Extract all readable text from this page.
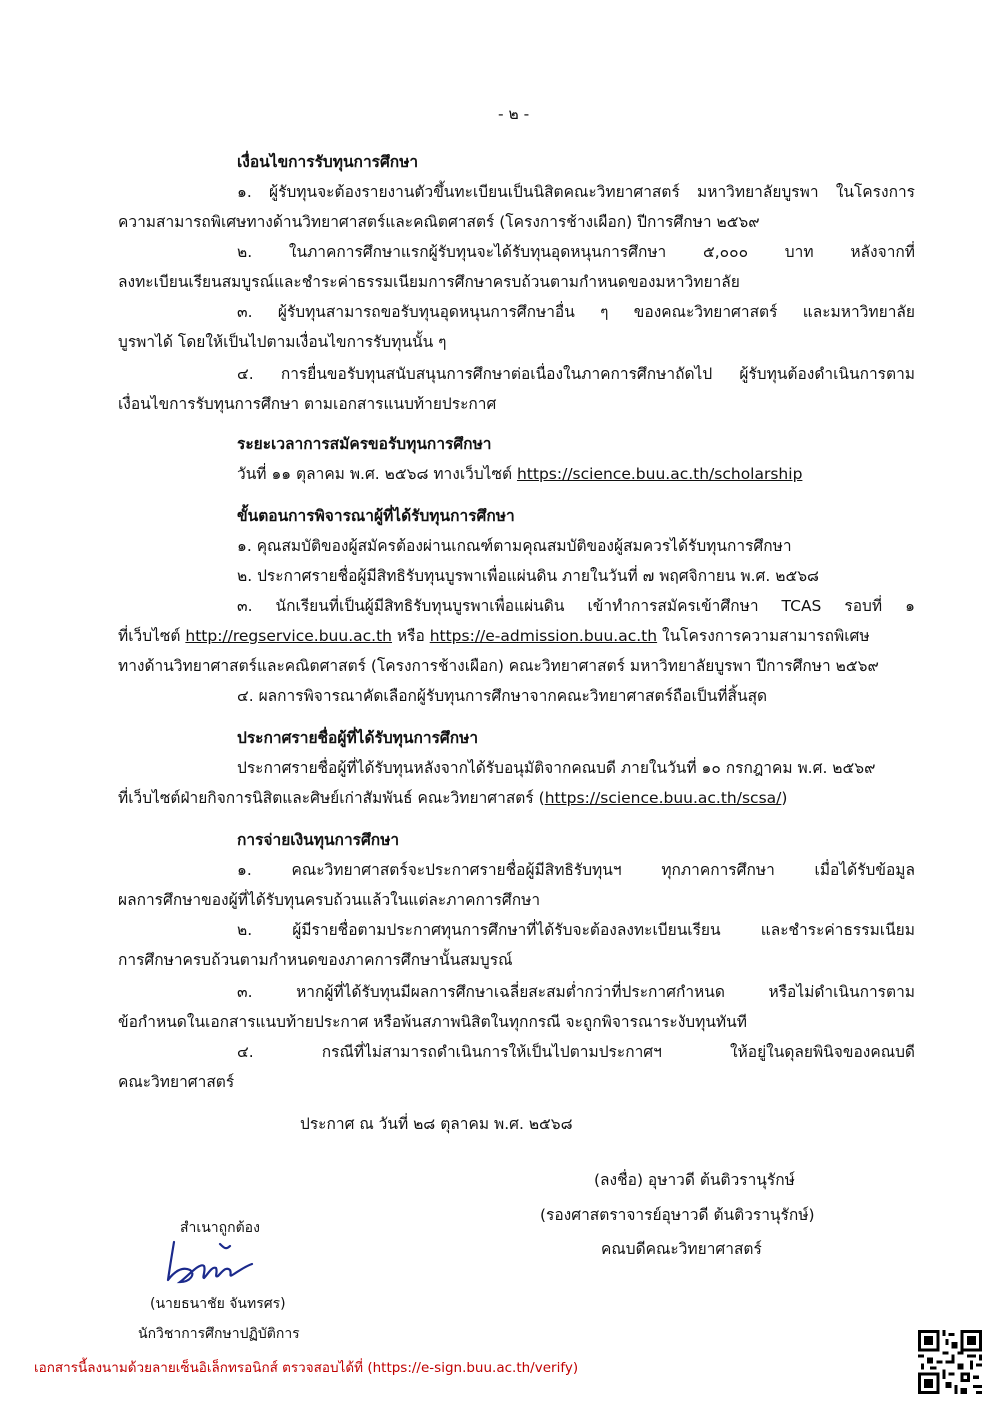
- ๒ -
เงื่อนไขการรับทุนการศึกษา
๑. ผู้รับทุนจะต้องรายงานตัวขึ้นทะเบียนเป็นนิสิตคณะวิทยาศาสตร์ มหาวิทยาลัยบูรพา ในโครงการ
ความสามารถพิเศษทางด้านวิทยาศาสตร์และคณิตศาสตร์ (โครงการช้างเผือก) ปีการศึกษา ๒๕๖๙
๒. ในภาคการศึกษาแรกผู้รับทุนจะได้รับทุนอุดหนุนการศึกษา ๕,๐๐๐ บาท หลังจากที่
ลงทะเบียนเรียนสมบูรณ์และชำระค่าธรรมเนียมการศึกษาครบถ้วนตามกำหนดของมหาวิทยาลัย
๓. ผู้รับทุนสามารถขอรับทุนอุดหนุนการศึกษาอื่น ๆ ของคณะวิทยาศาสตร์ และมหาวิทยาลัย
บูรพาได้ โดยให้เป็นไปตามเงื่อนไขการรับทุนนั้น ๆ
๔. การยื่นขอรับทุนสนับสนุนการศึกษาต่อเนื่องในภาคการศึกษาถัดไป ผู้รับทุนต้องดำเนินการตาม
เงื่อนไขการรับทุนการศึกษา ตามเอกสารแนบท้ายประกาศ
ระยะเวลาการสมัครขอรับทุนการศึกษา
วันที่ ๑๑ ตุลาคม พ.ศ. ๒๕๖๘ ทางเว็บไซต์ https://science.buu.ac.th/scholarship
ขั้นตอนการพิจารณาผู้ที่ได้รับทุนการศึกษา
๑. คุณสมบัติของผู้สมัครต้องผ่านเกณฑ์ตามคุณสมบัติของผู้สมควรได้รับทุนการศึกษา
๒. ประกาศรายชื่อผู้มีสิทธิรับทุนบูรพาเพื่อแผ่นดิน ภายในวันที่ ๗ พฤศจิกายน พ.ศ. ๒๕๖๘
๓. นักเรียนที่เป็นผู้มีสิทธิรับทุนบูรพาเพื่อแผ่นดิน เข้าทำการสมัครเข้าศึกษา TCAS รอบที่ ๑
ที่เว็บไซต์ http://regservice.buu.ac.th หรือ https://e-admission.buu.ac.th ในโครงการความสามารถพิเศษ
ทางด้านวิทยาศาสตร์และคณิตศาสตร์ (โครงการช้างเผือก) คณะวิทยาศาสตร์ มหาวิทยาลัยบูรพา ปีการศึกษา ๒๕๖๙
๔. ผลการพิจารณาคัดเลือกผู้รับทุนการศึกษาจากคณะวิทยาศาสตร์ถือเป็นที่สิ้นสุด
ประกาศรายชื่อผู้ที่ได้รับทุนการศึกษา
ประกาศรายชื่อผู้ที่ได้รับทุนหลังจากได้รับอนุมัติจากคณบดี ภายในวันที่ ๑๐ กรกฎาคม พ.ศ. ๒๕๖๙
ที่เว็บไซต์ฝ่ายกิจการนิสิตและศิษย์เก่าสัมพันธ์ คณะวิทยาศาสตร์ (https://science.buu.ac.th/scsa/)
การจ่ายเงินทุนการศึกษา
๑. คณะวิทยาศาสตร์จะประกาศรายชื่อผู้มีสิทธิรับทุนฯ ทุกภาคการศึกษา เมื่อได้รับข้อมูล
ผลการศึกษาของผู้ที่ได้รับทุนครบถ้วนแล้วในแต่ละภาคการศึกษา
๒. ผู้มีรายชื่อตามประกาศทุนการศึกษาที่ได้รับจะต้องลงทะเบียนเรียน และชำระค่าธรรมเนียม
การศึกษาครบถ้วนตามกำหนดของภาคการศึกษานั้นสมบูรณ์
๓. หากผู้ที่ได้รับทุนมีผลการศึกษาเฉลี่ยสะสมต่ำกว่าที่ประกาศกำหนด หรือไม่ดำเนินการตาม
ข้อกำหนดในเอกสารแนบท้ายประกาศ หรือพ้นสภาพนิสิตในทุกกรณี จะถูกพิจารณาระงับทุนทันที
๔. กรณีที่ไม่สามารถดำเนินการให้เป็นไปตามประกาศฯ ให้อยู่ในดุลยพินิจของคณบดี
คณะวิทยาศาสตร์
ประกาศ ณ วันที่ ๒๘ ตุลาคม พ.ศ. ๒๕๖๘
(ลงชื่อ) อุษาวดี ต้นติวรานุรักษ์
(รองศาสตราจารย์อุษาวดี ต้นติวรานุรักษ์)
คณบดีคณะวิทยาศาสตร์
สำเนาถูกต้อง
(นายธนาชัย จันทรศร)
นักวิชาการศึกษาปฏิบัติการ
เอกสารนี้ลงนามด้วยลายเซ็นอิเล็กทรอนิกส์ ตรวจสอบได้ที่ (https://e-sign.buu.ac.th/verify)
